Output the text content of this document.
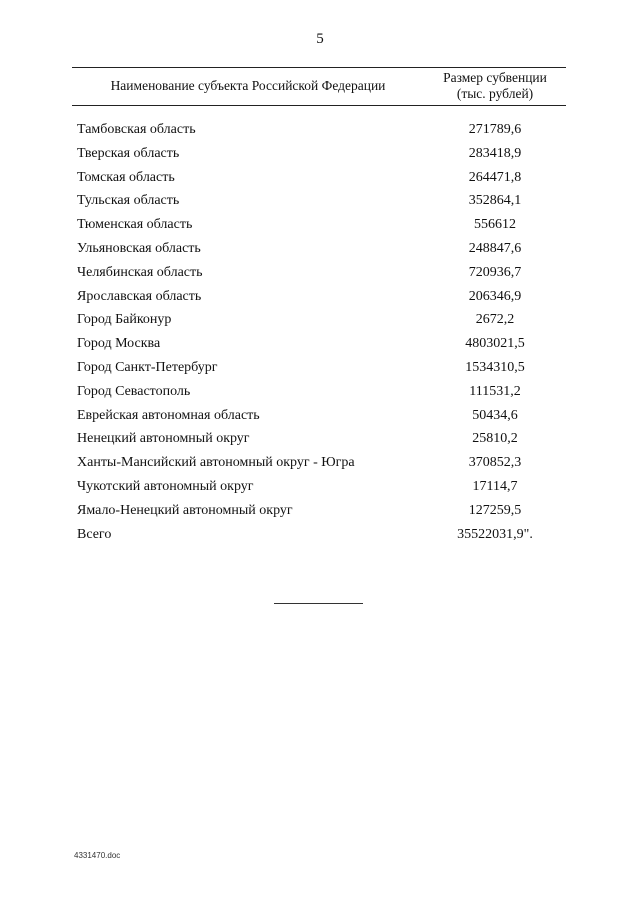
5
Наименование субъекта Российской Федерации
Размер субвенции
(тыс. рублей)
Тамбовская область	271789,6
Тверская область	283418,9
Томская область	264471,8
Тульская область	352864,1
Тюменская область	556612
Ульяновская область	248847,6
Челябинская область	720936,7
Ярославская область	206346,9
Город Байконур	2672,2
Город Москва	4803021,5
Город Санкт-Петербург	1534310,5
Город Севастополь	111531,2
Еврейская автономная область	50434,6
Ненецкий автономный округ	25810,2
Ханты-Мансийский автономный округ - Югра	370852,3
Чукотский автономный округ	17114,7
Ямало-Ненецкий автономный округ	127259,5
Всего	35522031,9".
4331470.doc
